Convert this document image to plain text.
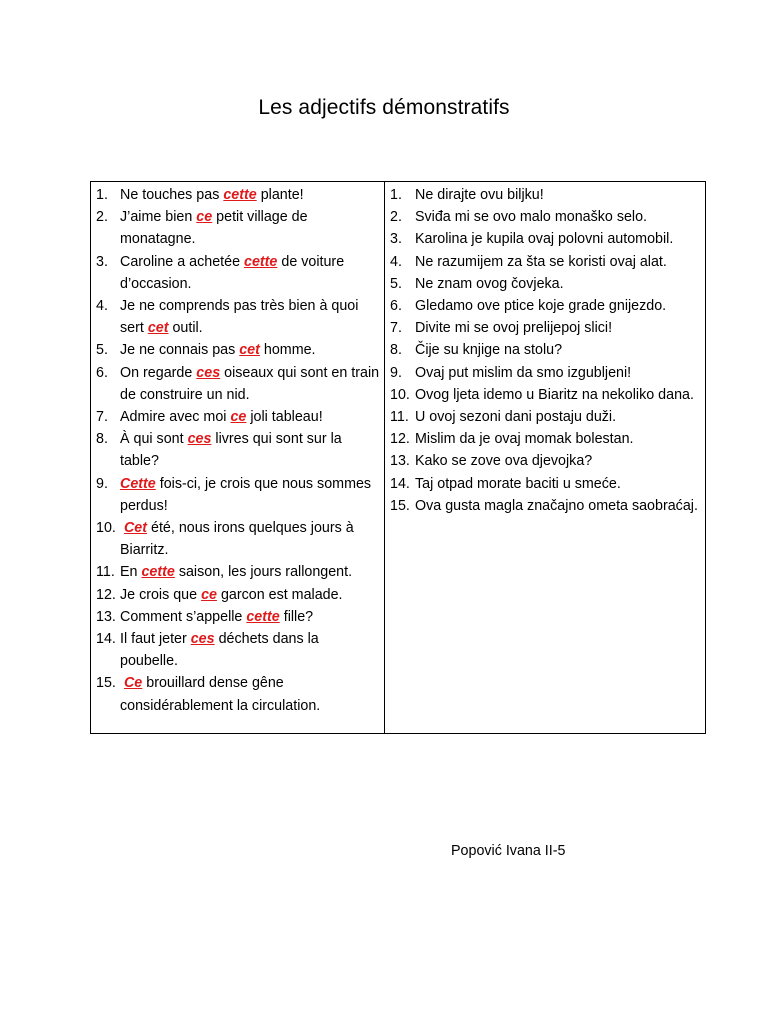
Les adjectifs démonstratifs
1. Ne touches pas cette plante!
2. J’aime bien ce petit village de monatagne.
3. Caroline a achetée cette de voiture d’occasion.
4. Je ne comprends pas très bien à quoi sert cet outil.
5. Je ne connais pas cet homme.
6. On regarde ces oiseaux qui sont en train de construire un nid.
7. Admire avec moi ce joli tableau!
8. À qui sont ces livres qui sont sur la table?
9. Cette fois-ci, je crois que nous sommes perdus!
10. Cet été, nous irons quelques jours à Biarritz.
11. En cette saison, les jours rallongent.
12. Je crois que ce garcon est malade.
13. Comment s’appelle cette fille?
14. Il faut jeter ces déchets dans la poubelle.
15. Ce brouillard dense gêne considérablement la circulation.
1. Ne dirajte ovu biljku!
2. Sviđa mi se ovo malo monaško selo.
3. Karolina je kupila ovaj polovni automobil.
4. Ne razumijem za šta se koristi ovaj alat.
5. Ne znam ovog čovjeka.
6. Gledamo ove ptice koje grade gnijezdo.
7. Divite mi se ovoj prelijepoj slici!
8. Čije su knjige na stolu?
9. Ovaj put mislim da smo izgubljeni!
10. Ovog ljeta idemo u Biaritz na nekoliko dana.
11. U ovoj sezoni dani postaju duži.
12. Mislim da je ovaj momak bolestan.
13. Kako se zove ova djevojka?
14. Taj otpad morate baciti u smeće.
15. Ova gusta magla značajno ometa saobraćaj.
Popović Ivana II-5
